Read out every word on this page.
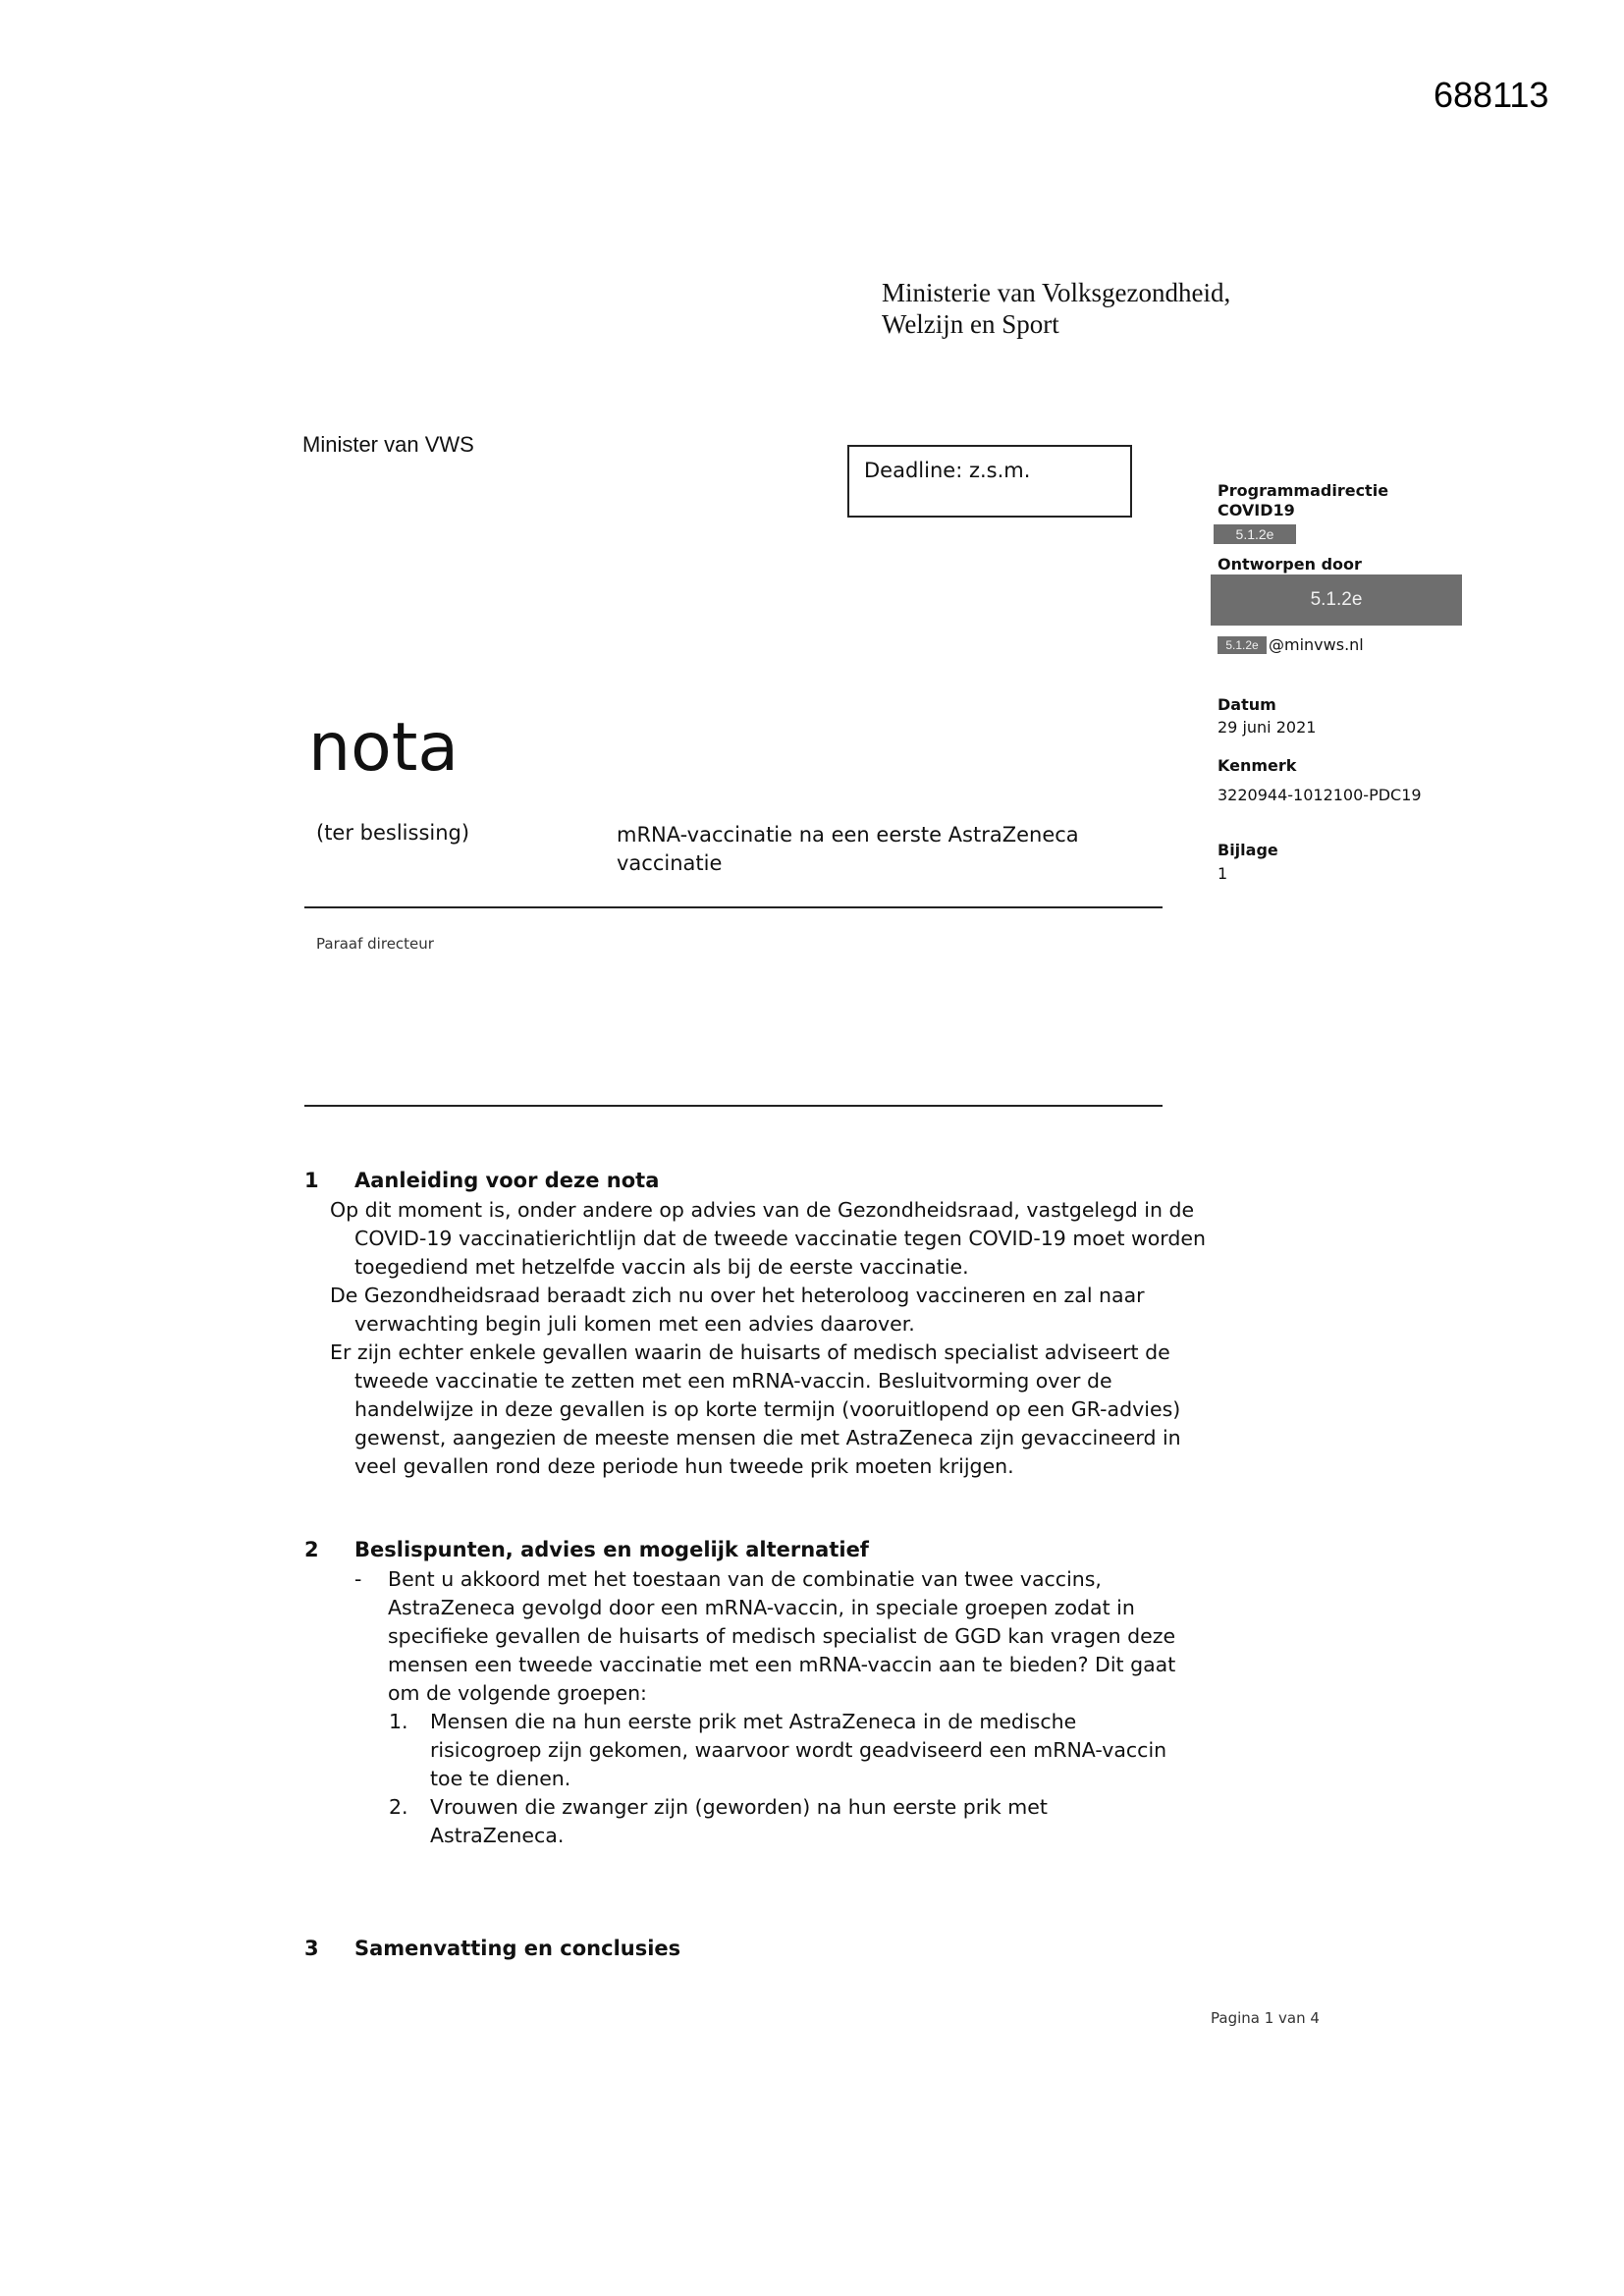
688113
Ministerie van Volksgezondheid,
Welzijn en Sport
Minister van VWS
Deadline: z.s.m.
Programmadirectie
COVID19
5.1.2e
Ontworpen door
5.1.2e
5.1.2e @minvws.nl
Datum
29 juni 2021
Kenmerk
3220944-1012100-PDC19
Bijlage
1
nota
(ter beslissing)	mRNA-vaccinatie na een eerste AstraZeneca
vaccinatie
Paraaf directeur
1 Aanleiding voor deze nota
Op dit moment is, onder andere op advies van de Gezondheidsraad, vastgelegd in de COVID-19 vaccinatierichtlijn dat de tweede vaccinatie tegen COVID-19 moet worden toegediend met hetzelfde vaccin als bij de eerste vaccinatie.
De Gezondheidsraad beraadt zich nu over het heteroloog vaccineren en zal naar verwachting begin juli komen met een advies daarover.
Er zijn echter enkele gevallen waarin de huisarts of medisch specialist adviseert de tweede vaccinatie te zetten met een mRNA-vaccin. Besluitvorming over de handelwijze in deze gevallen is op korte termijn (vooruitlopend op een GR-advies) gewenst, aangezien de meeste mensen die met AstraZeneca zijn gevaccineerd in veel gevallen rond deze periode hun tweede prik moeten krijgen.
2 Beslispunten, advies en mogelijk alternatief
- Bent u akkoord met het toestaan van de combinatie van twee vaccins, AstraZeneca gevolgd door een mRNA-vaccin, in speciale groepen zodat in specifieke gevallen de huisarts of medisch specialist de GGD kan vragen deze mensen een tweede vaccinatie met een mRNA-vaccin aan te bieden? Dit gaat om de volgende groepen:
1. Mensen die na hun eerste prik met AstraZeneca in de medische risicogroep zijn gekomen, waarvoor wordt geadviseerd een mRNA-vaccin toe te dienen.
2. Vrouwen die zwanger zijn (geworden) na hun eerste prik met AstraZeneca.
3 Samenvatting en conclusies
Pagina 1 van 4
